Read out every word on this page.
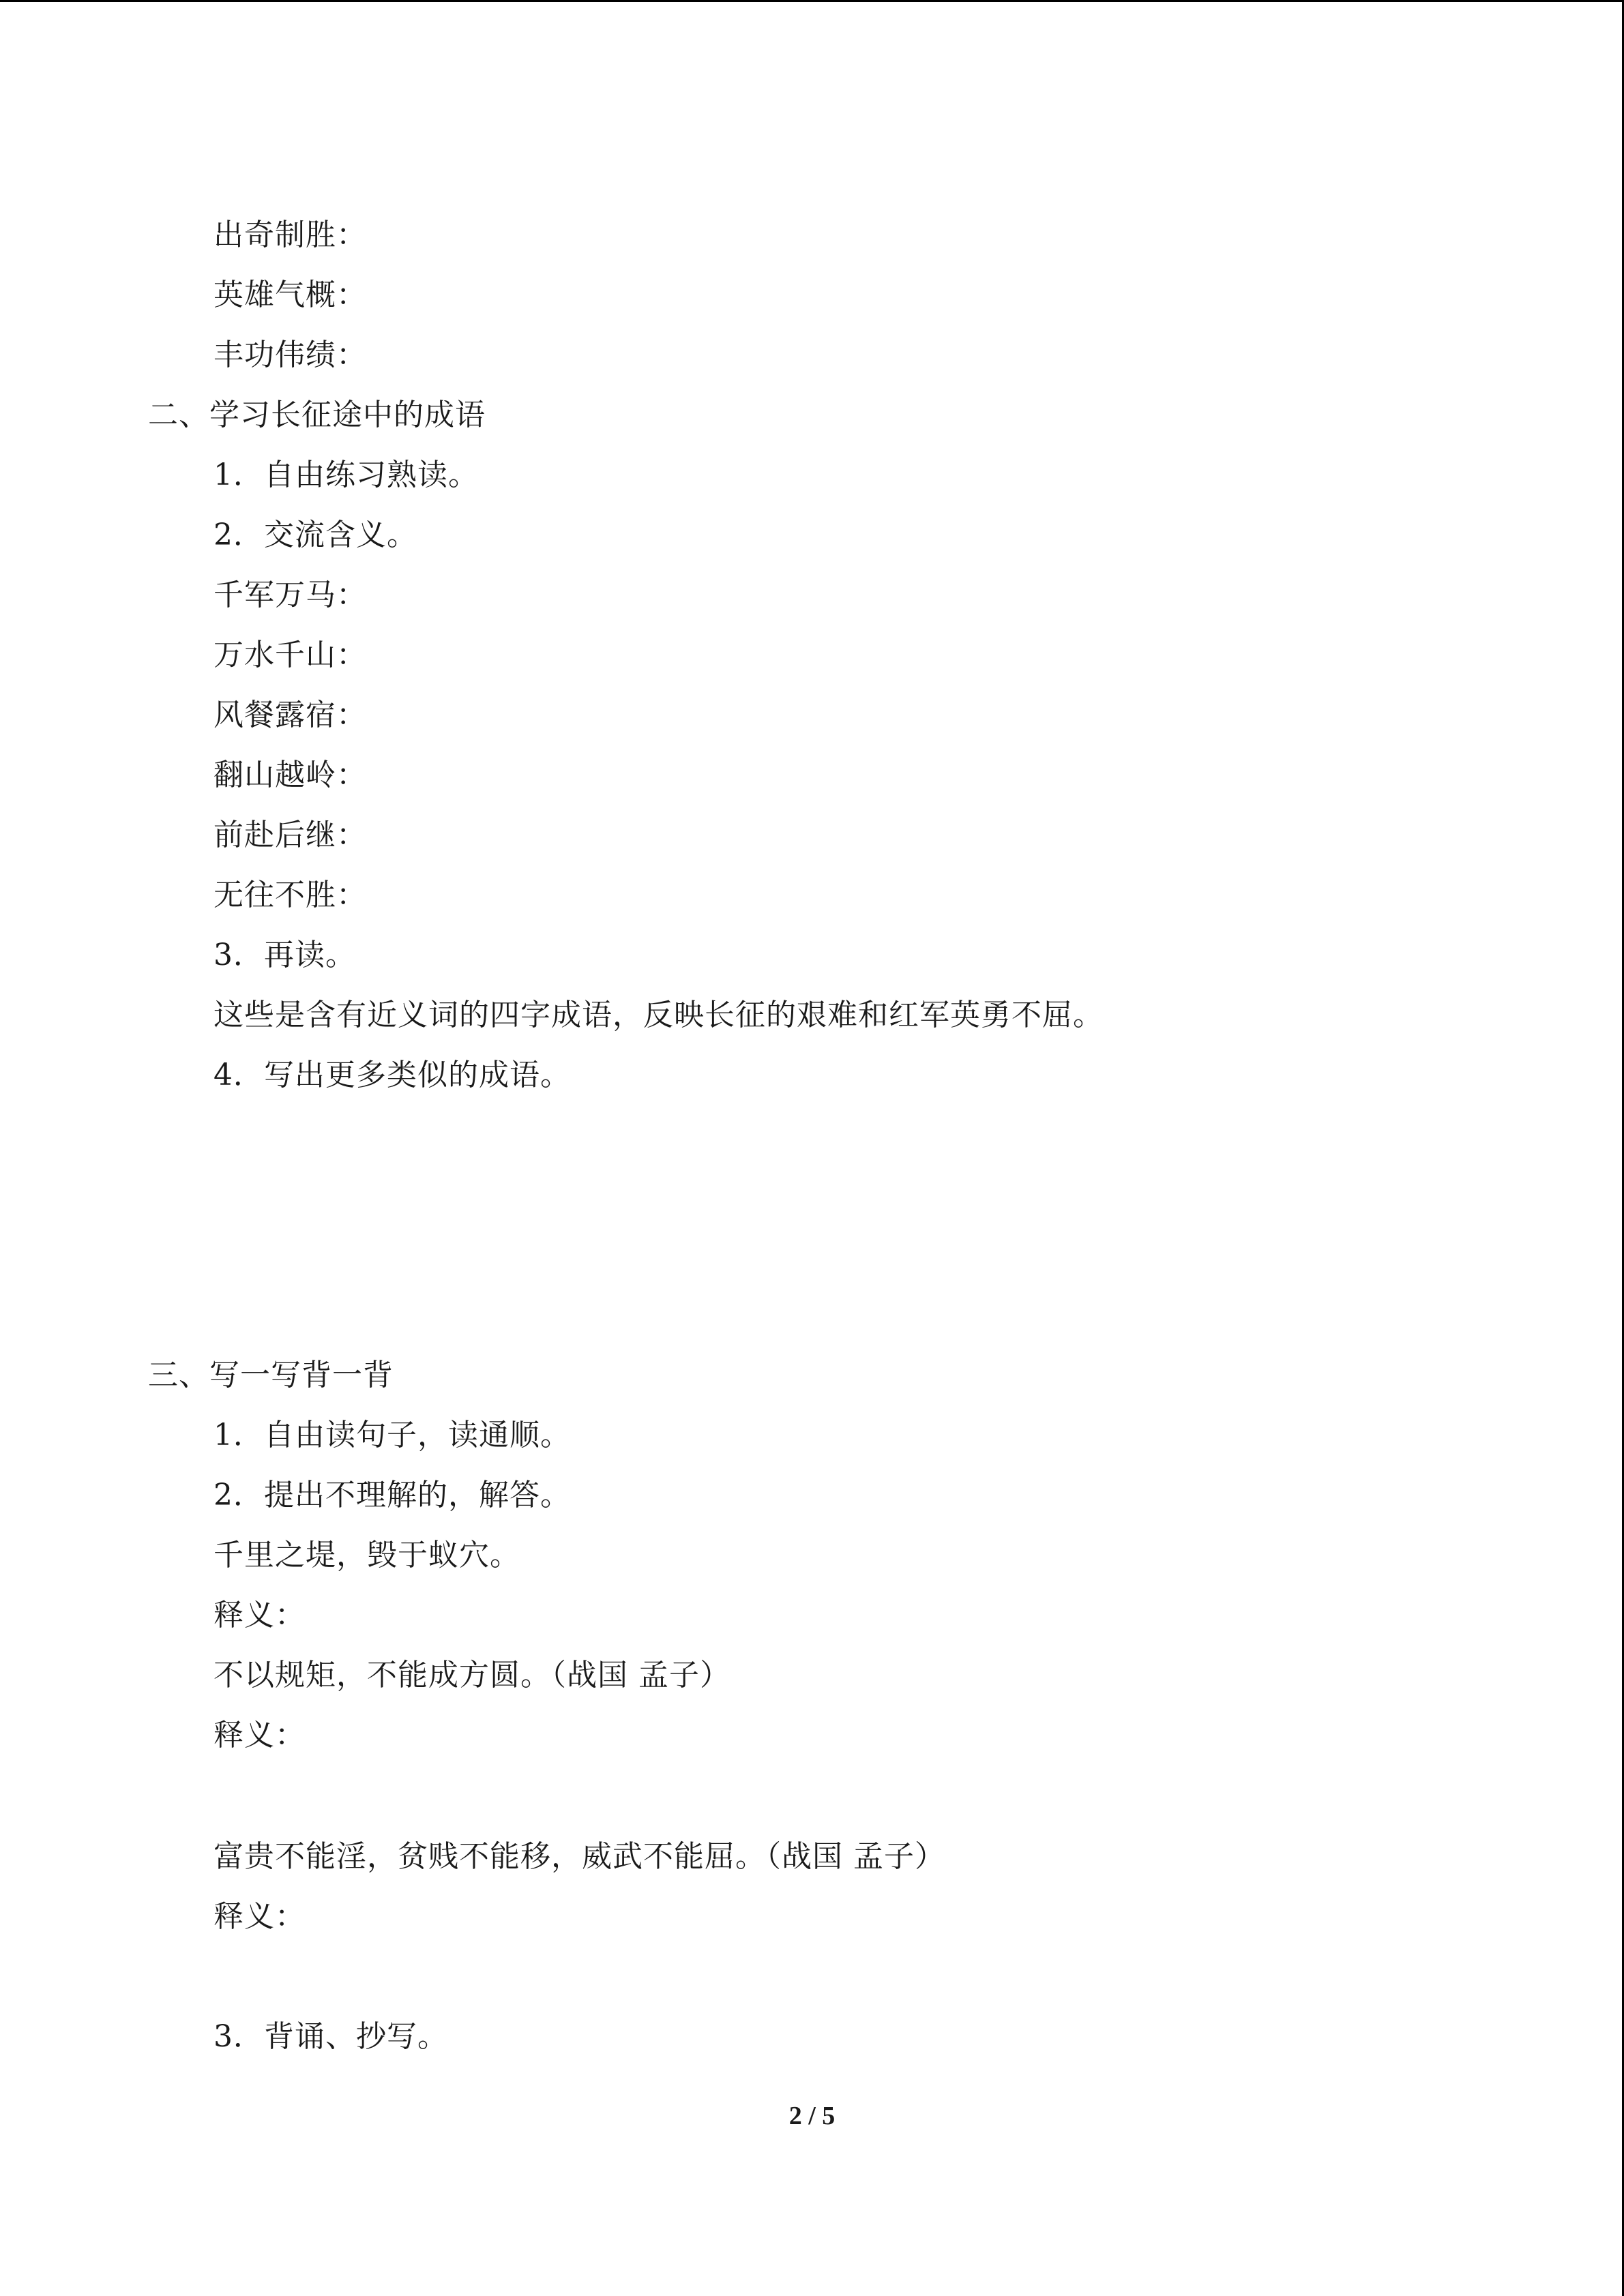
出奇制胜：
英雄气概：
丰功伟绩：
二、学习长征途中的成语
1．自由练习熟读。
2．交流含义。
千军万马：
万水千山：
风餐露宿：
翻山越岭：
前赴后继：
无往不胜：
3．再读。
这些是含有近义词的四字成语，反映长征的艰难和红军英勇不屈。
4．写出更多类似的成语。
三、写一写背一背
1．自由读句子，读通顺。
2．提出不理解的，解答。
千里之堤，毁于蚁穴。
释义：
不以规矩，不能成方圆。（战国 孟子）
释义：
富贵不能淫，贫贱不能移，威武不能屈。（战国 孟子）
释义：
3．背诵、抄写。
2 / 5
